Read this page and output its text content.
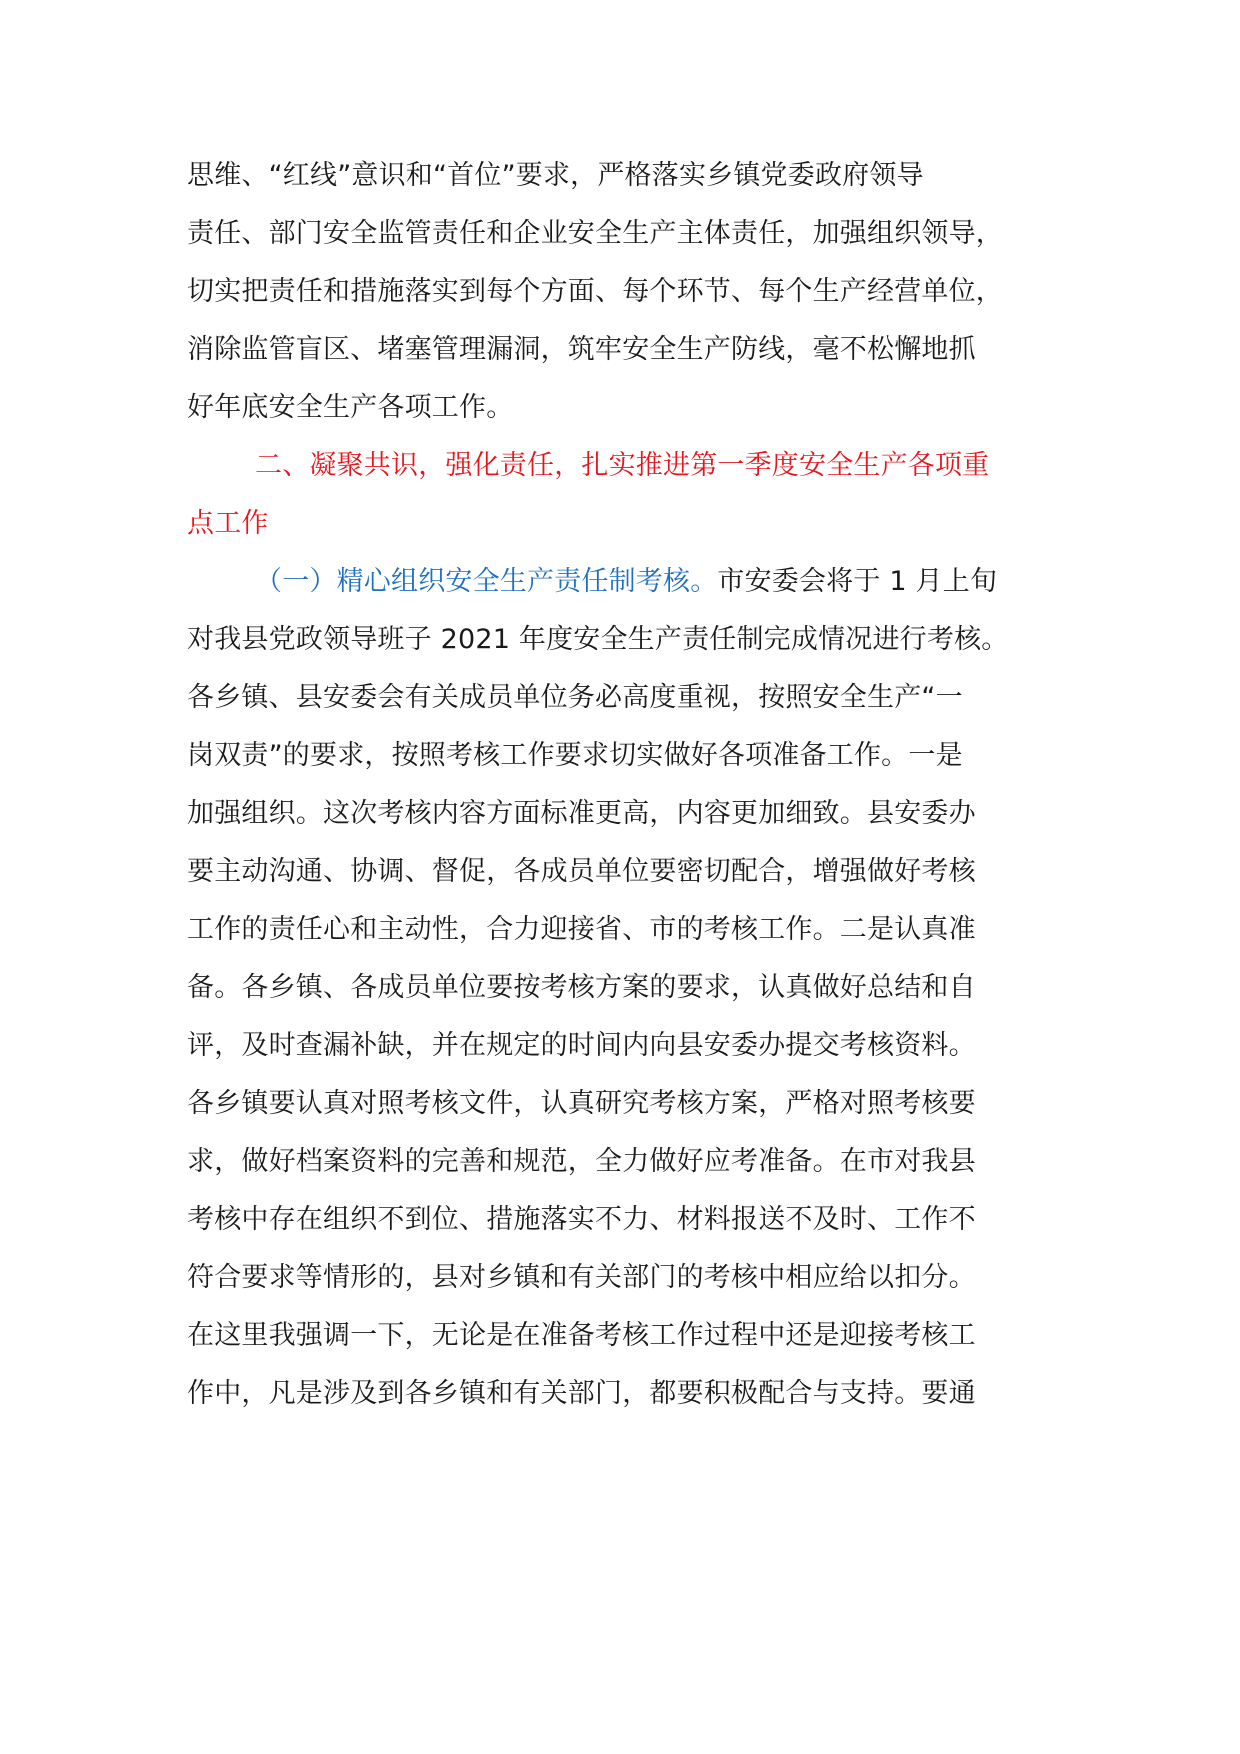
思维、“红线”意识和“首位”要求，严格落实乡镇党委政府领导
责任、部门安全监管责任和企业安全生产主体责任，加强组织领导，
切实把责任和措施落实到每个方面、每个环节、每个生产经营单位，
消除监管盲区、堵塞管理漏洞，筑牢安全生产防线，毫不松懈地抓
好年底安全生产各项工作。
二、凝聚共识，强化责任，扎实推进第一季度安全生产各项重
点工作
（一）精心组织安全生产责任制考核。市安委会将于 1 月上旬
对我县党政领导班子 2021 年度安全生产责任制完成情况进行考核。
各乡镇、县安委会有关成员单位务必高度重视，按照安全生产“一
岗双责”的要求，按照考核工作要求切实做好各项准备工作。一是
加强组织。这次考核内容方面标准更高，内容更加细致。县安委办
要主动沟通、协调、督促，各成员单位要密切配合，增强做好考核
工作的责任心和主动性，合力迎接省、市的考核工作。二是认真准
备。各乡镇、各成员单位要按考核方案的要求，认真做好总结和自
评，及时查漏补缺，并在规定的时间内向县安委办提交考核资料。
各乡镇要认真对照考核文件，认真研究考核方案，严格对照考核要
求，做好档案资料的完善和规范，全力做好应考准备。在市对我县
考核中存在组织不到位、措施落实不力、材料报送不及时、工作不
符合要求等情形的，县对乡镇和有关部门的考核中相应给以扣分。
在这里我强调一下，无论是在准备考核工作过程中还是迎接考核工
作中，凡是涉及到各乡镇和有关部门，都要积极配合与支持。要通
